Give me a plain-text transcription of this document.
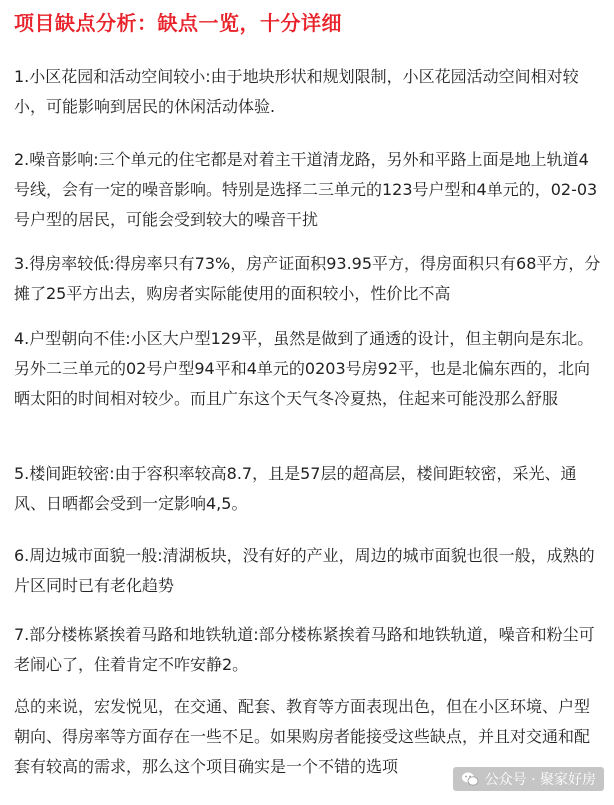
项目缺点分析：缺点一览，十分详细

1.小区花园和活动空间较小:由于地块形状和规划限制，小区花园活动空间相对较小，可能影响到居民的休闲活动体验.

2.噪音影响:三个单元的住宅都是对着主干道清龙路，另外和平路上面是地上轨道4号线，会有一定的噪音影响。特别是选择二三单元的123号户型和4单元的，02-03号户型的居民，可能会受到较大的噪音干扰

3.得房率较低:得房率只有73%，房产证面积93.95平方，得房面积只有68平方，分摊了25平方出去，购房者实际能使用的面积较小，性价比不高

4.户型朝向不佳:小区大户型129平，虽然是做到了通透的设计，但主朝向是东北。另外二三单元的02号户型94平和4单元的0203号房92平，也是北偏东西的，北向晒太阳的时间相对较少。而且广东这个天气冬冷夏热，住起来可能没那么舒服

5.楼间距较密:由于容积率较高8.7，且是57层的超高层，楼间距较密，采光、通风、日晒都会受到一定影响4,5。

6.周边城市面貌一般:清湖板块，没有好的产业，周边的城市面貌也很一般，成熟的片区同时已有老化趋势

7.部分楼栋紧挨着马路和地铁轨道:部分楼栋紧挨着马路和地铁轨道，噪音和粉尘可老闹心了，住着肯定不咋安静2。

总的来说，宏发悦见，在交通、配套、教育等方面表现出色，但在小区环境、户型朝向、得房率等方面存在一些不足。如果购房者能接受这些缺点，并且对交通和配套有较高的需求，那么这个项目确实是一个不错的选项

公众号 · 聚家好房
